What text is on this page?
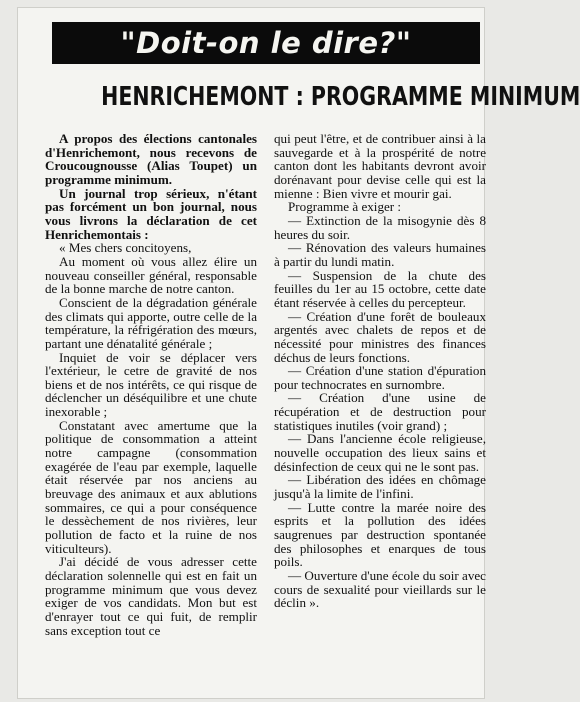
"Doit-on le dire?"
HENRICHEMONT : PROGRAMME MINIMUM

A propos des élections cantonales d'Henrichemont, nous recevons de Croucougnousse (Alias Toupet) un programme minimum.

Un journal trop sérieux, n'étant pas forcément un bon journal, nous vous livrons la déclaration de cet Henrichemontais :

« Mes chers concitoyens,

Au moment où vous allez élire un nouveau conseiller général, responsable de la bonne marche de notre canton.

Conscient de la dégradation générale des climats qui apporte, outre celle de la température, la réfrigération des mœurs, partant une dénatalité générale ;

Inquiet de voir se déplacer vers l'extérieur, le cetre de gravité de nos biens et de nos intérêts, ce qui risque de déclencher un déséquilibre et une chute inexorable ;

Constatant avec amertume que la politique de consommation a atteint notre campagne (consommation exagérée de l'eau par exemple, laquelle était réservée par nos anciens au breuvage des animaux et aux ablutions sommaires, ce qui a pour conséquence le dessèchement de nos rivières, leur pollution de facto et la ruine de nos viticulteurs).

J'ai décidé de vous adresser cette déclaration solennelle qui est en fait un programme minimum que vous devez exiger de vos candidats. Mon but est d'enrayer tout ce qui fuit, de remplir sans exception tout ce

qui peut l'être, et de contribuer ainsi à la sauvegarde et à la prospérité de notre canton dont les habitants devront avoir dorénavant pour devise celle qui est la mienne : Bien vivre et mourir gai.

Programme à exiger :

— Extinction de la misogynie dès 8 heures du soir.

— Rénovation des valeurs humaines à partir du lundi matin.

— Suspension de la chute des feuilles du 1er au 15 octobre, cette date étant réservée à celles du percepteur.

— Création d'une forêt de bouleaux argentés avec chalets de repos et de nécessité pour ministres des finances déchus de leurs fonctions.

— Création d'une station d'épuration pour technocrates en surnombre.

— Création d'une usine de récupération et de destruction pour statistiques inutiles (voir grand) ;

— Dans l'ancienne école religieuse, nouvelle occupation des lieux sains et désinfection de ceux qui ne le sont pas.

— Libération des idées en chômage jusqu'à la limite de l'infini.

— Lutte contre la marée noire des esprits et la pollution des idées saugrenues par destruction spontanée des philosophes et enarques de tous poils.

— Ouverture d'une école du soir avec cours de sexualité pour vieillards sur le déclin ».
